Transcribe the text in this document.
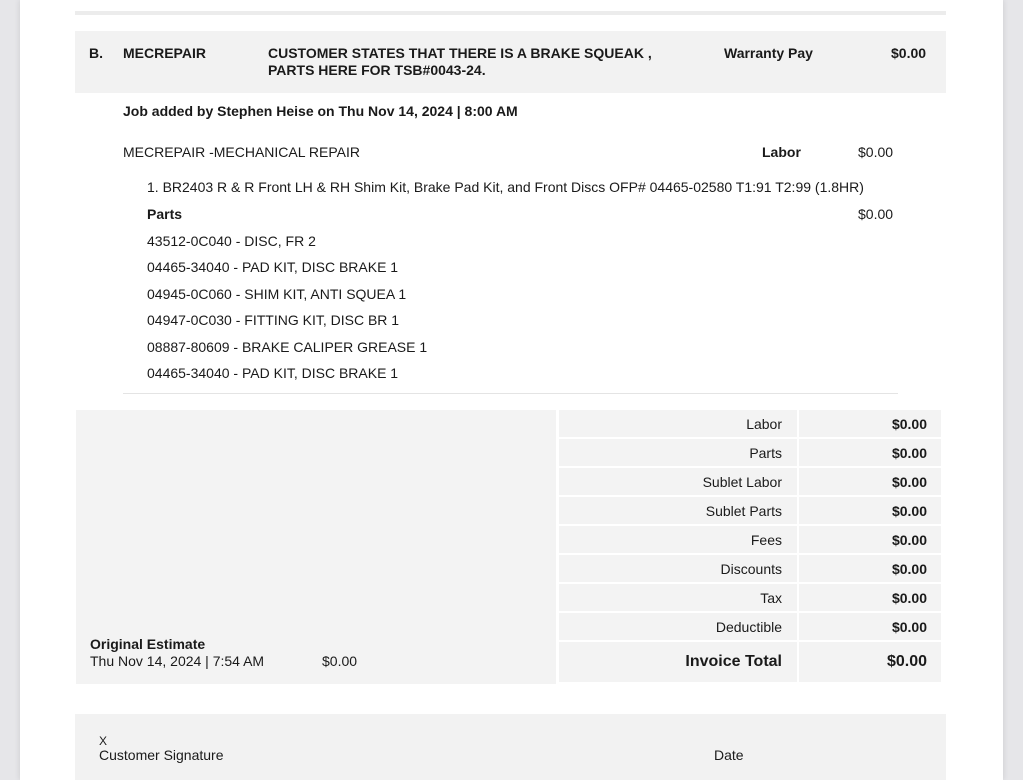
B. MECREPAIR	CUSTOMER STATES THAT THERE IS A BRAKE SQUEAK ,
PARTS HERE FOR TSB#0043-24.
Warranty Pay	$0.00
Job added by Stephen Heise on Thu Nov 14, 2024 | 8:00 AM
MECREPAIR -MECHANICAL REPAIR	Labor	$0.00
1. BR2403 R & R Front LH & RH Shim Kit, Brake Pad Kit, and Front Discs OFP# 04465-02580 T1:91 T2:99 (1.8HR)
Parts	$0.00
43512-0C040 - DISC, FR 2
04465-34040 - PAD KIT, DISC BRAKE 1
04945-0C060 - SHIM KIT, ANTI SQUEA 1
04947-0C030 - FITTING KIT, DISC BR 1
08887-80609 - BRAKE CALIPER GREASE 1
04465-34040 - PAD KIT, DISC BRAKE 1
Original Estimate
Thu Nov 14, 2024 | 7:54 AM	$0.00
Labor	$0.00
Parts	$0.00
Sublet Labor	$0.00
Sublet Parts	$0.00
Fees	$0.00
Discounts	$0.00
Tax	$0.00
Deductible	$0.00
Invoice Total	$0.00
X
Customer Signature	Date
